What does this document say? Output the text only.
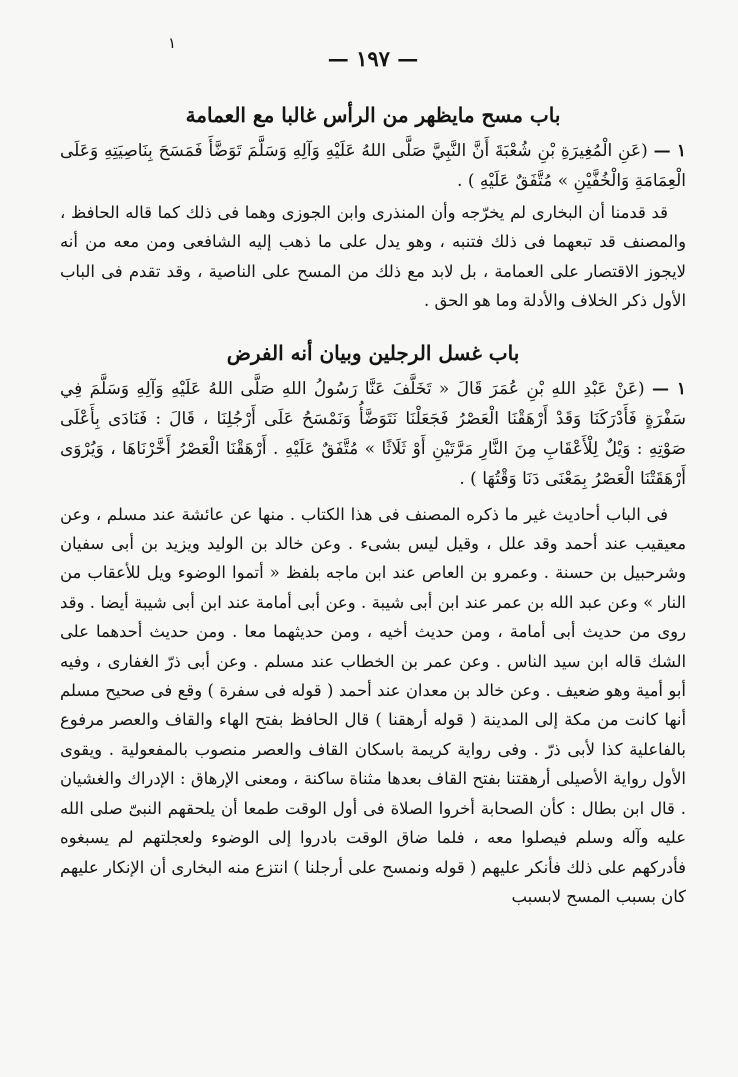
١
— ١٩٧ —
باب مسح مايظهر من الرأس غالبا مع العمامة

١ — (عَنِ الْمُغِيرَةِ بْنِ شُعْبَةَ أَنَّ النَّبِيَّ صَلَّى اللهُ عَلَيْهِ وَآلِهِ وَسَلَّمَ تَوَضَّأَ فَمَسَحَ بِنَاصِيَتِهِ وَعَلَى الْعِمَامَةِ وَالْخُفَّيْنِ » مُتَّفَقٌ عَلَيْهِ ) .

قد قدمنا أن البخارى لم يخرّجه وأن المنذرى وابن الجوزى وهما فى ذلك كما قاله الحافظ ، والمصنف قد تبعهما فى ذلك فتنبه ، وهو يدل على ما ذهب إليه الشافعى ومن معه من أنه لايجوز الاقتصار على العمامة ، بل لابد مع ذلك من المسح على الناصية ، وقد تقدم فى الباب الأول ذكر الخلاف والأدلة وما هو الحق .

باب غسل الرجلين وبيان أنه الفرض

١ — (عَنْ عَبْدِ اللهِ بْنِ عُمَرَ قَالَ « تَخَلَّفَ عَنَّا رَسُولُ اللهِ صَلَّى اللهُ عَلَيْهِ وَآلِهِ وَسَلَّمَ فِي سَفْرَةٍ فَأَدْرَكَنَا وَقَدْ أَرْهَقْنَا الْعَصْرُ فَجَعَلْنَا نَتَوَضَّأُ وَنَمْسَحُ عَلَى أَرْجُلِنَا ، قَالَ : فَنَادَى بِأَعْلَى صَوْتِهِ : وَيْلٌ لِلْأَعْقَابِ مِنَ النَّارِ مَرَّتَيْنِ أَوْ ثَلَاثًا » مُتَّفَقٌ عَلَيْهِ . أَرْهَقْنَا الْعَصْرُ أَخَّرْنَاهَا ، وَيُرْوَى أَرْهَقَتْنَا الْعَصْرُ بِمَعْنَى دَنَا وَقْتُهَا ) .

فى الباب أحاديث غير ما ذكره المصنف فى هذا الكتاب . منها عن عائشة عند مسلم ، وعن معيقيب عند أحمد وقد علل ، وقيل ليس بشىء . وعن خالد بن الوليد ويزيد بن أبى سفيان وشرحبيل بن حسنة . وعمرو بن العاص عند ابن ماجه بلفظ « أتموا الوضوء ويل للأعقاب من النار » وعن عبد الله بن عمر عند ابن أبى شيبة . وعن أبى أمامة عند ابن أبى شيبة أيضا . وقد روى من حديث أبى أمامة ، ومن حديث أخيه ، ومن حديثهما معا . ومن حديث أحدهما على الشك قاله ابن سيد الناس . وعن عمر بن الخطاب عند مسلم . وعن أبى ذرّ الغفارى ، وفيه أبو أمية وهو ضعيف . وعن خالد بن معدان عند أحمد ( قوله فى سفرة ) وقع فى صحيح مسلم أنها كانت من مكة إلى المدينة ( قوله أرهقنا ) قال الحافظ بفتح الهاء والقاف والعصر مرفوع بالفاعلية كذا لأبى ذرّ . وفى رواية كريمة باسكان القاف والعصر منصوب بالمفعولية . ويقوى الأول رواية الأصيلى أرهقتنا بفتح القاف بعدها مثناة ساكنة ، ومعنى الإرهاق : الإدراك والغشيان . قال ابن بطال : كأن الصحابة أخروا الصلاة فى أول الوقت طمعا أن يلحقهم النبىّ صلى الله عليه وآله وسلم فيصلوا معه ، فلما ضاق الوقت بادروا إلى الوضوء ولعجلتهم لم يسبغوه فأدركهم على ذلك فأنكر عليهم ( قوله ونمسح على أرجلنا ) انتزع منه البخارى أن الإنكار عليهم كان بسبب المسح لابسبب
